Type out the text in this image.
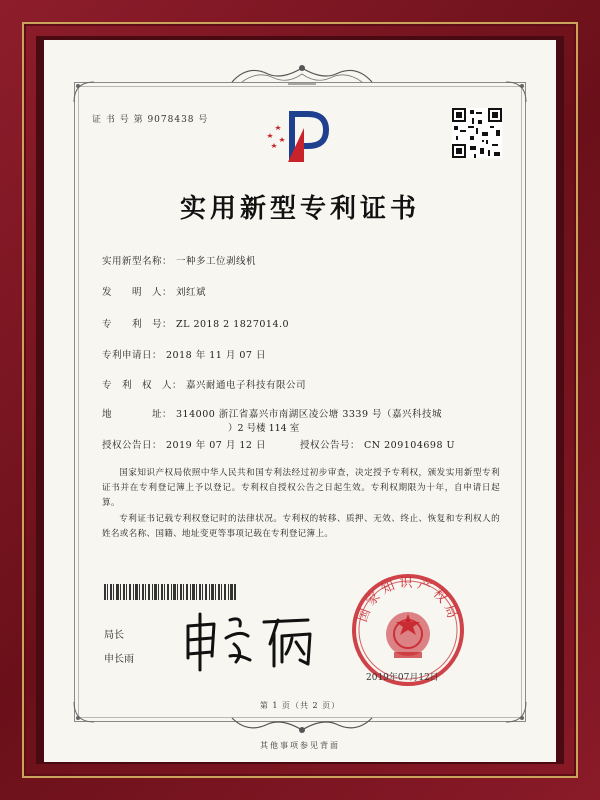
证 书 号 第 9078438 号
实用新型专利证书
实用新型名称： 一种多工位剥线机
发　　明　人： 刘红斌
专　　利　号： ZL 2018 2 1827014.0
专利申请日： 2018 年 11 月 07 日
专　利　权　人： 嘉兴耐通电子科技有限公司
地　　　　址： 314000 浙江省嘉兴市南湖区凌公塘 3339 号（嘉兴科技城
）2 号楼 114 室
授权公告日： 2019 年 07 月 12 日	授权公告号： CN 209104698 U
国家知识产权局依照中华人民共和国专利法经过初步审查，决定授予专利权，颁发实用新型专利证书并在专利登记簿上予以登记。专利权自授权公告之日起生效。专利权期限为十年，自申请日起算。
专利证书记载专利权登记时的法律状况。专利权的转移、质押、无效、终止、恢复和专利权人的姓名或名称、国籍、地址变更等事项记载在专利登记簿上。
局长
申长雨
国家知识产权局
2019年07月12日
第 1 页（共 2 页）
其他事项参见背面
